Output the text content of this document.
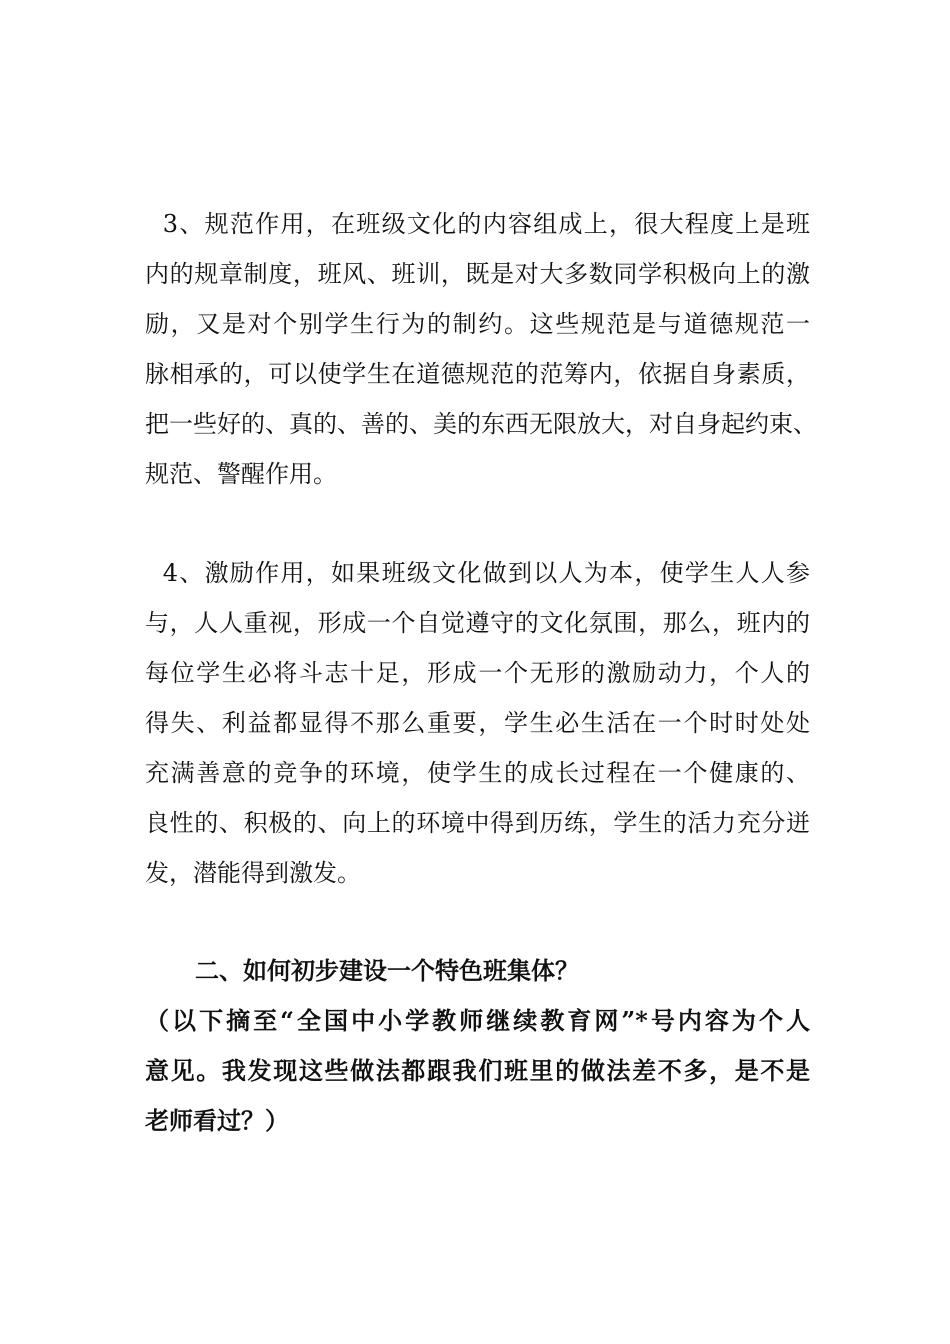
3、规范作用，在班级文化的内容组成上，很大程度上是班
内的规章制度，班风、班训，既是对大多数同学积极向上的激
励，又是对个别学生行为的制约。这些规范是与道德规范一
脉相承的，可以使学生在道德规范的范筹内，依据自身素质，
把一些好的、真的、善的、美的东西无限放大，对自身起约束、
规范、警醒作用。

4、激励作用，如果班级文化做到以人为本，使学生人人参
与，人人重视，形成一个自觉遵守的文化氛围，那么，班内的
每位学生必将斗志十足，形成一个无形的激励动力，个人的
得失、利益都显得不那么重要，学生必生活在一个时时处处
充满善意的竞争的环境，使学生的成长过程在一个健康的、
良性的、积极的、向上的环境中得到历练，学生的活力充分迸
发，潜能得到激发。

二、如何初步建设一个特色班集体？

（以下摘至“全国中小学教师继续教育网”*号内容为个人
意见。我发现这些做法都跟我们班里的做法差不多，是不是
老师看过？）
